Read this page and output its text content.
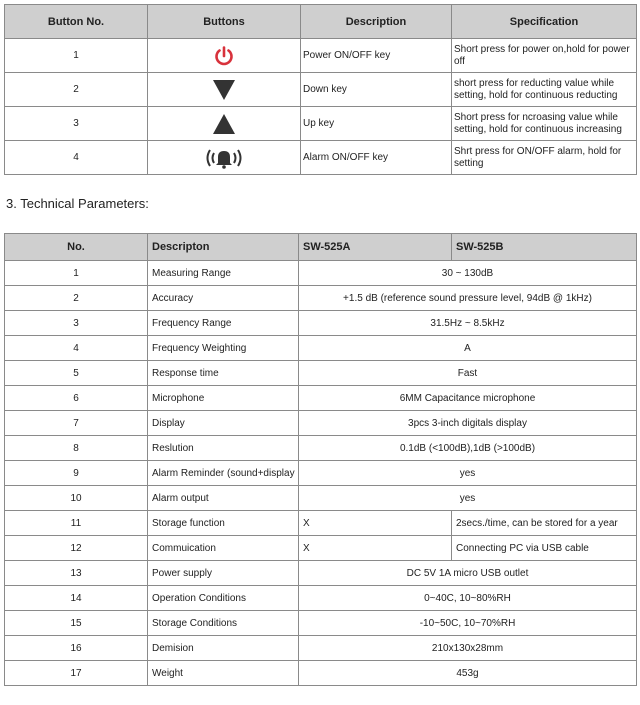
Button No.	Buttons	Description	Specification
1		Power ON/OFF key	Short press for power on,hold for power off
2		Down key	short press for reducting value while setting, hold for continuous reducting
3		Up key	Short press for ncroasing value while setting, hold for continuous increasing
4		Alarm ON/OFF key	Shrt press for ON/OFF alarm, hold for setting
3. Technical Parameters:
No.	Descripton	SW-525A	SW-525B
1	Measuring Range	30 ~ 130dB	
2	Accuracy	+1.5 dB (reference sound pressure level, 94dB @ 1kHz)	
3	Frequency Range	31.5Hz ~ 8.5kHz	
4	Frequency Weighting	A	
5	Response time	Fast	
6	Microphone	6MM Capacitance microphone	
7	Display	3pcs 3-inch digitals display	
8	Reslution	0.1dB (<100dB),1dB (>100dB)	
9	Alarm Reminder (sound+display	yes	
10	Alarm output	yes	
11	Storage function	X	2secs./time, can be stored for a year
12	Commuication	X	Connecting PC via USB cable
13	Power supply	DC 5V 1A micro USB outlet	
14	Operation Conditions	0~40C, 10~80%RH	
15	Storage Conditions	-10~50C, 10~70%RH	
16	Demision	210x130x28mm	
17	Weight	453g	
